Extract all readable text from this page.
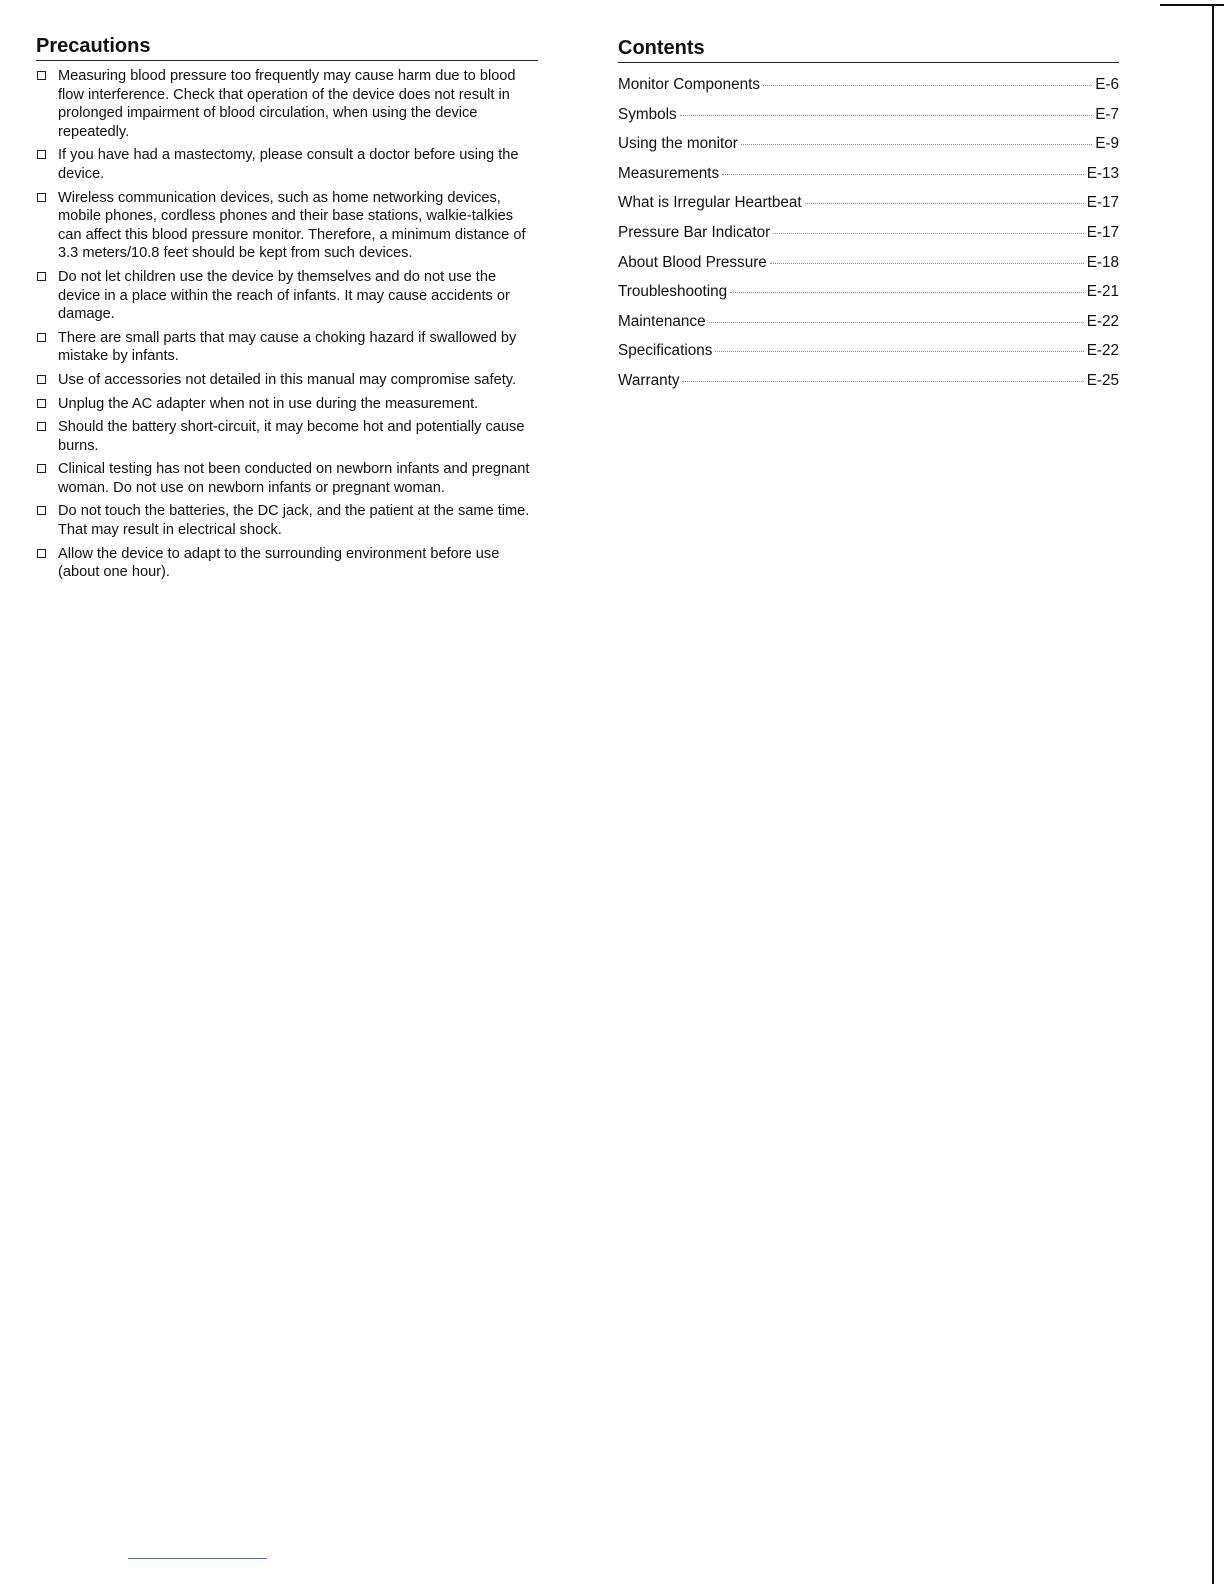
Precautions
Measuring blood pressure too frequently may cause harm due to blood flow interference. Check that operation of the device does not result in prolonged impairment of blood circulation, when using the device repeatedly.
If you have had a mastectomy, please consult a doctor before using the device.
Wireless communication devices, such as home networking devices, mobile phones, cordless phones and their base stations, walkie-talkies can affect this blood pressure monitor. Therefore, a minimum distance of 3.3 meters/10.8 feet should be kept from such devices.
Do not let children use the device by themselves and do not use the device in a place within the reach of infants. It may cause accidents or damage.
There are small parts that may cause a choking hazard if swallowed by mistake by infants.
Use of accessories not detailed in this manual may compromise safety.
Unplug the AC adapter when not in use during the measurement.
Should the battery short-circuit, it may become hot and potentially cause burns.
Clinical testing has not been conducted on newborn infants and pregnant woman. Do not use on newborn infants or pregnant woman.
Do not touch the batteries, the DC jack, and the patient at the same time. That may result in electrical shock.
Allow the device to adapt to the surrounding environment before use (about one hour).
Contents
Monitor Components	E-6
Symbols	E-7
Using the monitor	E-9
Measurements	E-13
What is Irregular Heartbeat	E-17
Pressure Bar Indicator	E-17
About Blood Pressure	E-18
Troubleshooting	E-21
Maintenance	E-22
Specifications	E-22
Warranty	E-25
